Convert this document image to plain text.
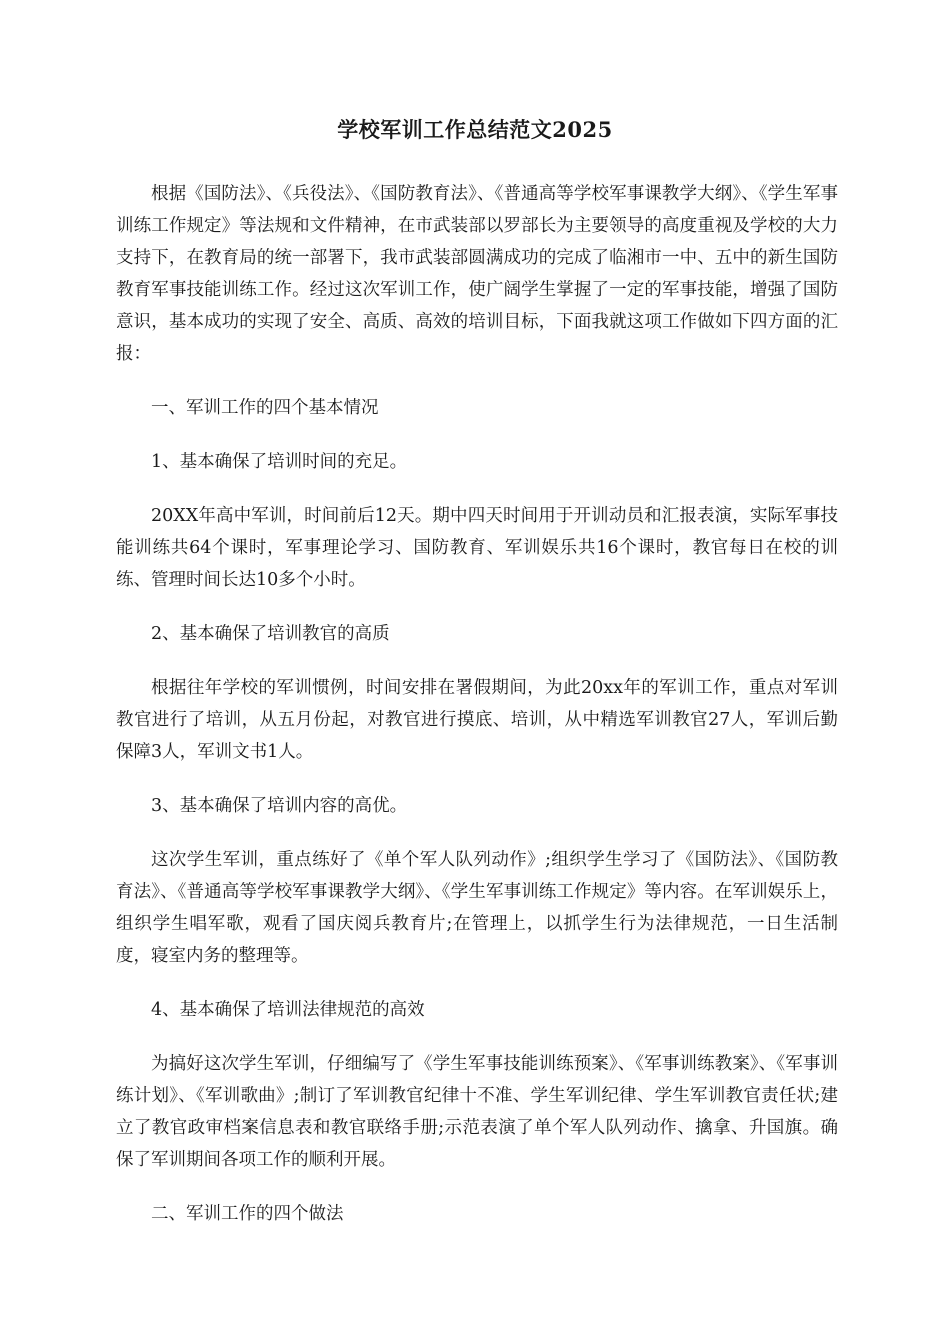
学校军训工作总结范文2025

根据《国防法》、《兵役法》、《国防教育法》、《普通高等学校军事课教学大纲》、《学生军事训练工作规定》等法规和文件精神，在市武装部以罗部长为主要领导的高度重视及学校的大力支持下，在教育局的统一部署下，我市武装部圆满成功的完成了临湘市一中、五中的新生国防教育军事技能训练工作。经过这次军训工作，使广阔学生掌握了一定的军事技能，增强了国防意识，基本成功的实现了安全、高质、高效的培训目标，下面我就这项工作做如下四方面的汇报：

一、军训工作的四个基本情况

1、基本确保了培训时间的充足。

20XX年高中军训，时间前后12天。期中四天时间用于开训动员和汇报表演，实际军事技能训练共64个课时，军事理论学习、国防教育、军训娱乐共16个课时，教官每日在校的训练、管理时间长达10多个小时。

2、基本确保了培训教官的高质

根据往年学校的军训惯例，时间安排在署假期间，为此20xx年的军训工作，重点对军训教官进行了培训，从五月份起，对教官进行摸底、培训，从中精选军训教官27人，军训后勤保障3人，军训文书1人。

3、基本确保了培训内容的高优。

这次学生军训，重点练好了《单个军人队列动作》;组织学生学习了《国防法》、《国防教育法》、《普通高等学校军事课教学大纲》、《学生军事训练工作规定》等内容。在军训娱乐上，组织学生唱军歌，观看了国庆阅兵教育片;在管理上，以抓学生行为法律规范，一日生活制度，寝室内务的整理等。

4、基本确保了培训法律规范的高效

为搞好这次学生军训，仔细编写了《学生军事技能训练预案》、《军事训练教案》、《军事训练计划》、《军训歌曲》;制订了军训教官纪律十不准、学生军训纪律、学生军训教官责任状;建立了教官政审档案信息表和教官联络手册;示范表演了单个军人队列动作、擒拿、升国旗。确保了军训期间各项工作的顺利开展。

二、军训工作的四个做法
